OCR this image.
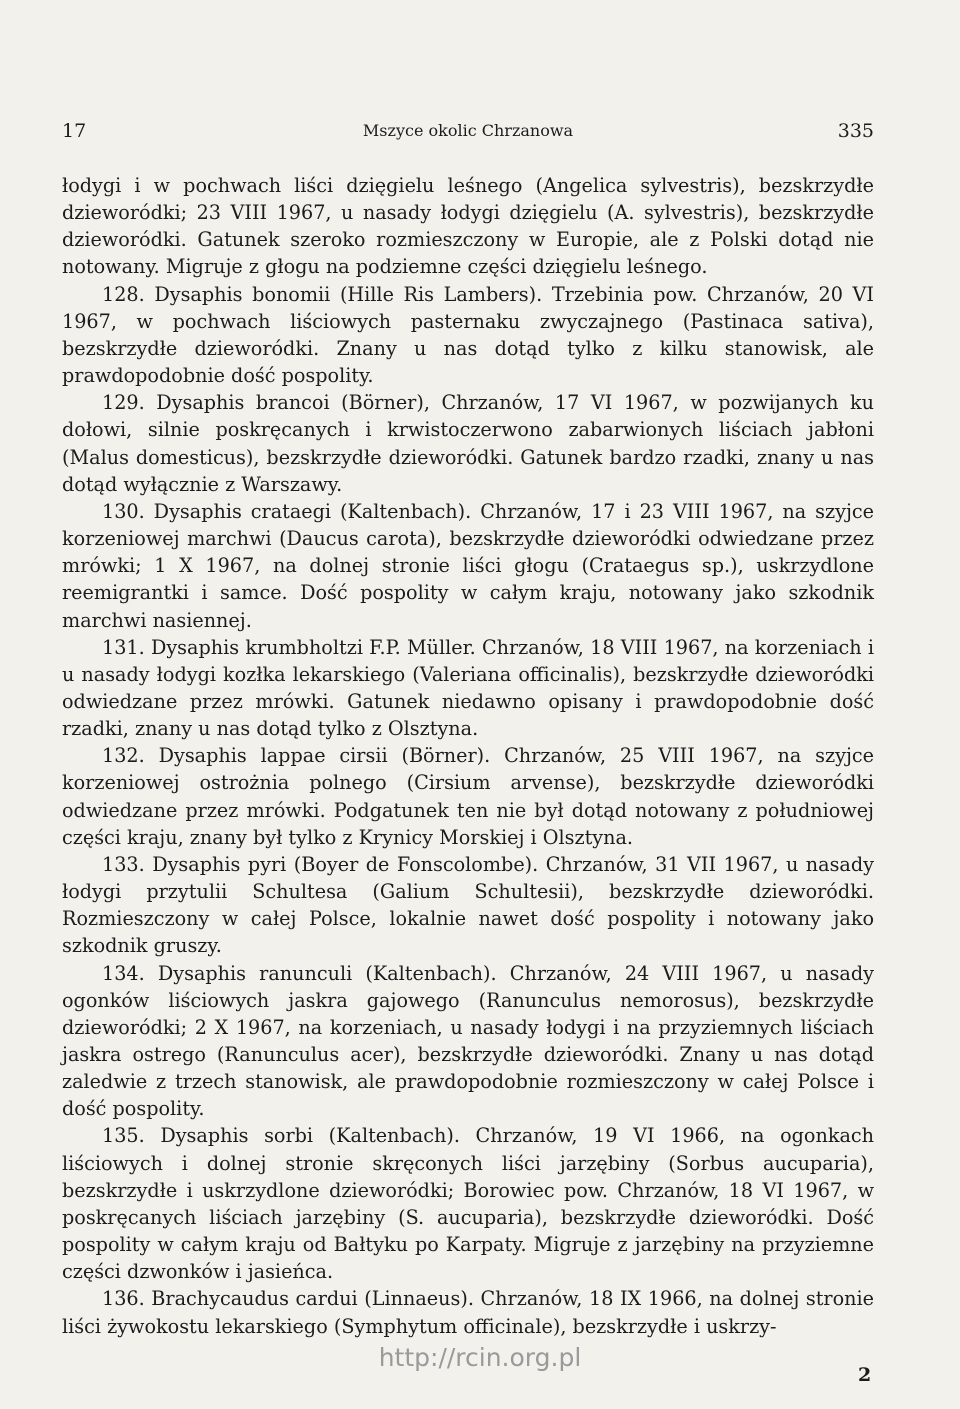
17	Mszyce okolic Chrzanowa	335

łodygi i w pochwach liści dzięgielu leśnego (Angelica sylvestris), bezskrzydłe dzieworódki; 23 VIII 1967, u nasady łodygi dzięgielu (A. sylvestris), bezskrzydłe dzieworódki. Gatunek szeroko rozmieszczony w Europie, ale z Polski dotąd nie notowany. Migruje z głogu na podziemne części dzięgielu leśnego.

128. Dysaphis bonomii (Hille Ris Lambers). Trzebinia pow. Chrzanów, 20 VI 1967, w pochwach liściowych pasternaku zwyczajnego (Pastinaca sativa), bezskrzydłe dzieworódki. Znany u nas dotąd tylko z kilku stanowisk, ale prawdopodobnie dość pospolity.

129. Dysaphis brancoi (Börner), Chrzanów, 17 VI 1967, w pozwijanych ku dołowi, silnie poskręcanych i krwistoczerwono zabarwionych liściach jabłoni (Malus domesticus), bezskrzydłe dzieworódki. Gatunek bardzo rzadki, znany u nas dotąd wyłącznie z Warszawy.

130. Dysaphis crataegi (Kaltenbach). Chrzanów, 17 i 23 VIII 1967, na szyjce korzeniowej marchwi (Daucus carota), bezskrzydłe dzieworódki odwiedzane przez mrówki; 1 X 1967, na dolnej stronie liści głogu (Crataegus sp.), uskrzydlone reemigrantki i samce. Dość pospolity w całym kraju, notowany jako szkodnik marchwi nasiennej.

131. Dysaphis krumbholtzi F.P. Müller. Chrzanów, 18 VIII 1967, na korzeniach i u nasady łodygi kozłka lekarskiego (Valeriana officinalis), bezskrzydłe dzieworódki odwiedzane przez mrówki. Gatunek niedawno opisany i prawdopodobnie dość rzadki, znany u nas dotąd tylko z Olsztyna.

132. Dysaphis lappae cirsii (Börner). Chrzanów, 25 VIII 1967, na szyjce korzeniowej ostrożnia polnego (Cirsium arvense), bezskrzydłe dzieworódki odwiedzane przez mrówki. Podgatunek ten nie był dotąd notowany z południowej części kraju, znany był tylko z Krynicy Morskiej i Olsztyna.

133. Dysaphis pyri (Boyer de Fonscolombe). Chrzanów, 31 VII 1967, u nasady łodygi przytulii Schultesa (Galium Schultesii), bezskrzydłe dzieworódki. Rozmieszczony w całej Polsce, lokalnie nawet dość pospolity i notowany jako szkodnik gruszy.

134. Dysaphis ranunculi (Kaltenbach). Chrzanów, 24 VIII 1967, u nasady ogonków liściowych jaskra gajowego (Ranunculus nemorosus), bezskrzydłe dzieworódki; 2 X 1967, na korzeniach, u nasady łodygi i na przyziemnych liściach jaskra ostrego (Ranunculus acer), bezskrzydłe dzieworódki. Znany u nas dotąd zaledwie z trzech stanowisk, ale prawdopodobnie rozmieszczony w całej Polsce i dość pospolity.

135. Dysaphis sorbi (Kaltenbach). Chrzanów, 19 VI 1966, na ogonkach liściowych i dolnej stronie skręconych liści jarzębiny (Sorbus aucuparia), bezskrzydłe i uskrzydlone dzieworódki; Borowiec pow. Chrzanów, 18 VI 1967, w poskręcanych liściach jarzębiny (S. aucuparia), bezskrzydłe dzieworódki. Dość pospolity w całym kraju od Bałtyku po Karpaty. Migruje z jarzębiny na przyziemne części dzwonków i jasieńca.

136. Brachycaudus cardui (Linnaeus). Chrzanów, 18 IX 1966, na dolnej stronie liści żywokostu lekarskiego (Symphytum officinale), bezskrzydłe i uskrzy-

http://rcin.org.pl
2
